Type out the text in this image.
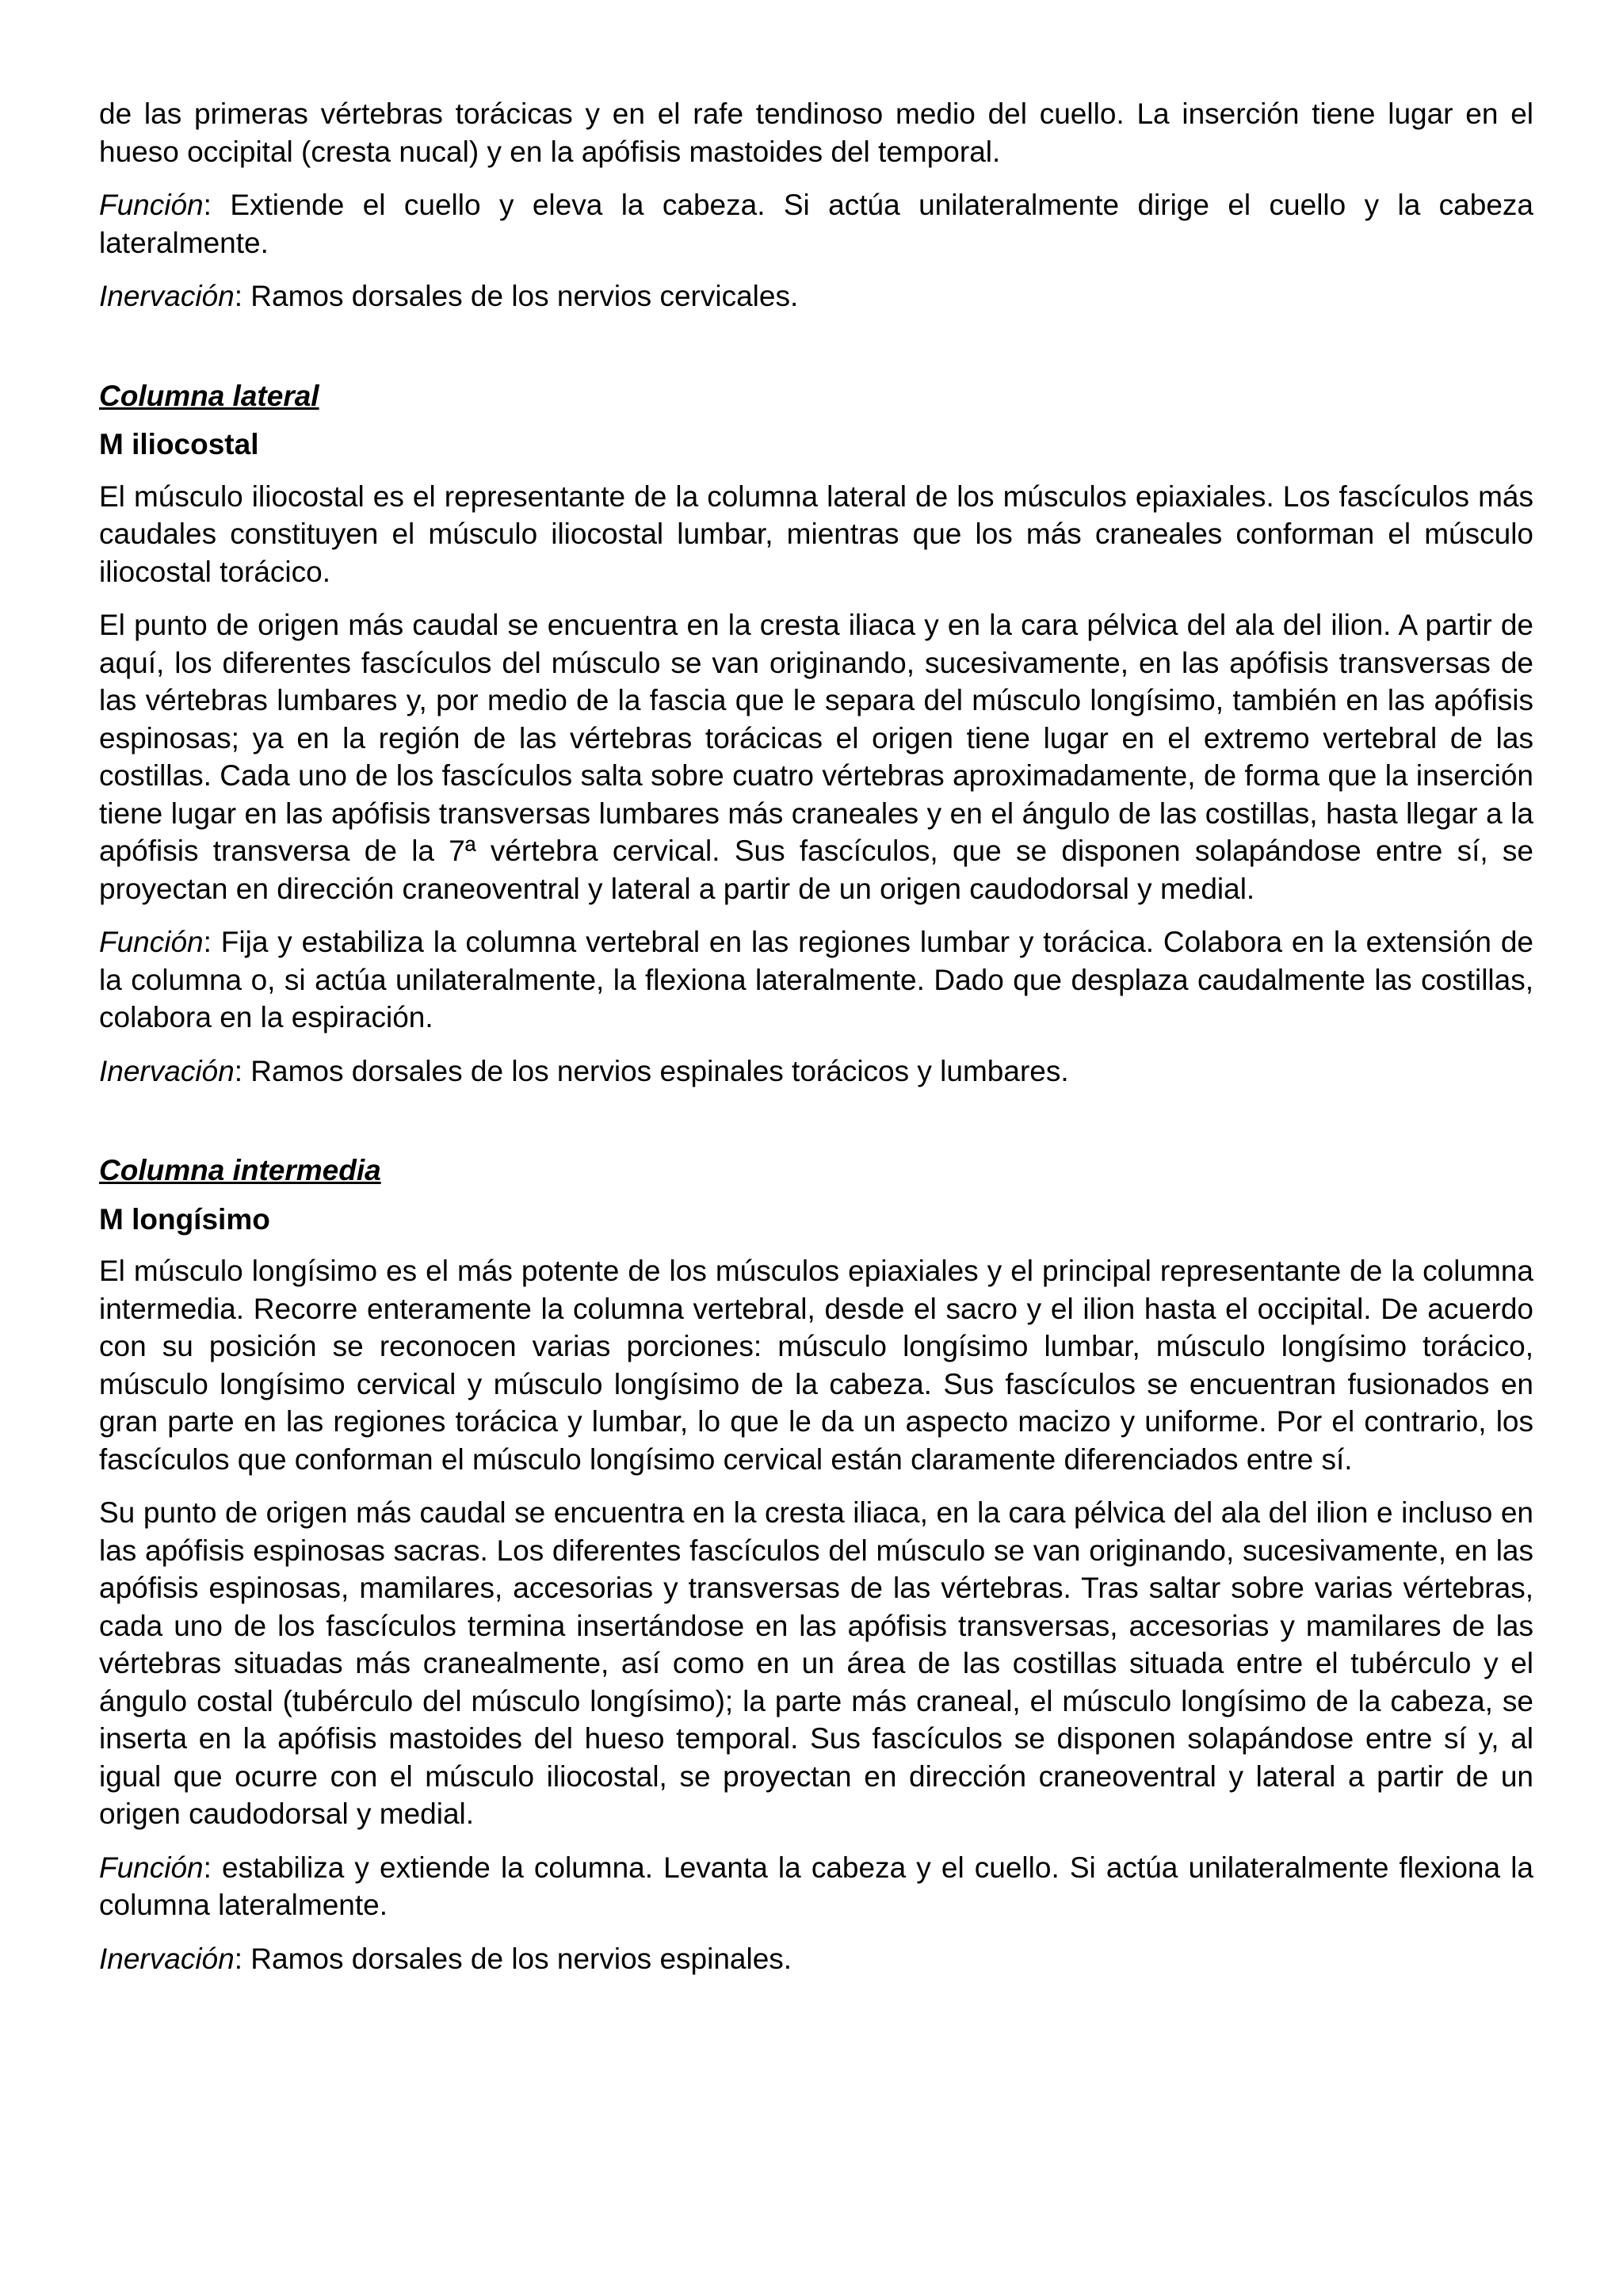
de las primeras vértebras torácicas y en el rafe tendinoso medio del cuello. La inserción tiene lugar en el hueso occipital (cresta nucal) y en la apófisis mastoides del temporal.

Función: Extiende el cuello y eleva la cabeza. Si actúa unilateralmente dirige el cuello y la cabeza lateralmente.

Inervación: Ramos dorsales de los nervios cervicales.

Columna lateral
M iliocostal

El músculo iliocostal es el representante de la columna lateral de los músculos epiaxiales. Los fascículos más caudales constituyen el músculo iliocostal lumbar, mientras que los más craneales conforman el músculo iliocostal torácico.

El punto de origen más caudal se encuentra en la cresta iliaca y en la cara pélvica del ala del ilion. A partir de aquí, los diferentes fascículos del músculo se van originando, sucesivamente, en las apófisis transversas de las vértebras lumbares y, por medio de la fascia que le separa del músculo longísimo, también en las apófisis espinosas; ya en la región de las vértebras torácicas el origen tiene lugar en el extremo vertebral de las costillas. Cada uno de los fascículos salta sobre cuatro vértebras aproximadamente, de forma que la inserción tiene lugar en las apófisis transversas lumbares más craneales y en el ángulo de las costillas, hasta llegar a la apófisis transversa de la 7ª vértebra cervical. Sus fascículos, que se disponen solapándose entre sí, se proyectan en dirección craneoventral y lateral a partir de un origen caudodorsal y medial.

Función: Fija y estabiliza la columna vertebral en las regiones lumbar y torácica. Colabora en la extensión de la columna o, si actúa unilateralmente, la flexiona lateralmente. Dado que desplaza caudalmente las costillas, colabora en la espiración.

Inervación: Ramos dorsales de los nervios espinales torácicos y lumbares.

Columna intermedia
M longísimo

El músculo longísimo es el más potente de los músculos epiaxiales y el principal representante de la columna intermedia. Recorre enteramente la columna vertebral, desde el sacro y el ilion hasta el occipital. De acuerdo con su posición se reconocen varias porciones: músculo longísimo lumbar, músculo longísimo torácico, músculo longísimo cervical y músculo longísimo de la cabeza. Sus fascículos se encuentran fusionados en gran parte en las regiones torácica y lumbar, lo que le da un aspecto macizo y uniforme. Por el contrario, los fascículos que conforman el músculo longísimo cervical están claramente diferenciados entre sí.

Su punto de origen más caudal se encuentra en la cresta iliaca, en la cara pélvica del ala del ilion e incluso en las apófisis espinosas sacras. Los diferentes fascículos del músculo se van originando, sucesivamente, en las apófisis espinosas, mamilares, accesorias y transversas de las vértebras. Tras saltar sobre varias vértebras, cada uno de los fascículos termina insertándose en las apófisis transversas, accesorias y mamilares de las vértebras situadas más cranealmente, así como en un área de las costillas situada entre el tubérculo y el ángulo costal (tubérculo del músculo longísimo); la parte más craneal, el músculo longísimo de la cabeza, se inserta en la apófisis mastoides del hueso temporal. Sus fascículos se disponen solapándose entre sí y, al igual que ocurre con el músculo iliocostal, se proyectan en dirección craneoventral y lateral a partir de un origen caudodorsal y medial.

Función: estabiliza y extiende la columna. Levanta la cabeza y el cuello. Si actúa unilateralmente flexiona la columna lateralmente.

Inervación: Ramos dorsales de los nervios espinales.
